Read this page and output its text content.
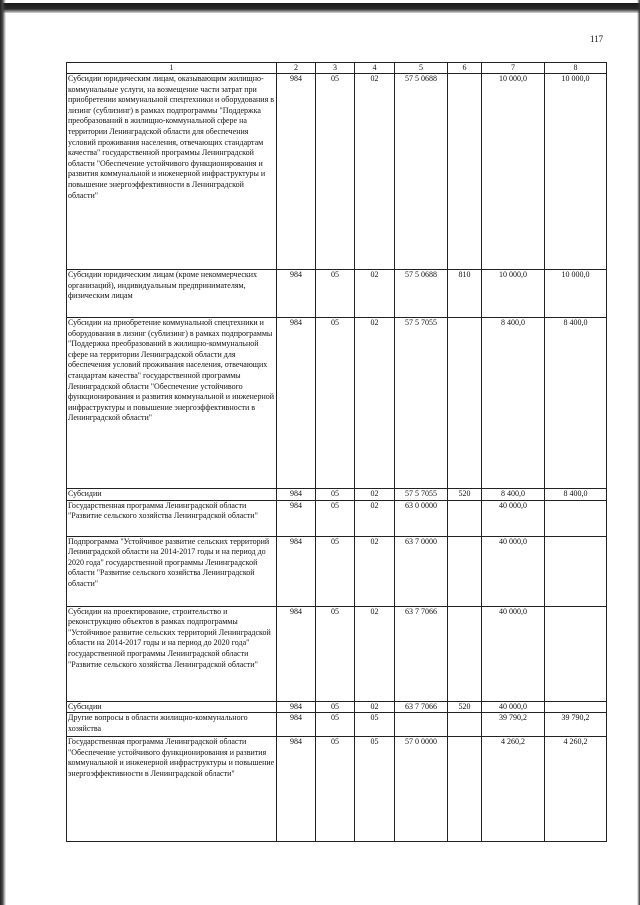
117
1	2	3	4	5	6	7	8
Субсидии юридическим лицам, оказывающим жилищно-коммунальные услуги, на возмещение части затрат при приобретении коммунальной спецтехники и оборудования в лизинг (сублизинг) в рамках подпрограммы "Поддержка преобразований в жилищно-коммунальной сфере на территории Ленинградской области для обеспечения условий проживания населения, отвечающих стандартам качества" государственной программы Ленинградской области "Обеспечение устойчивого функционирования и развития коммунальной и инженерной инфраструктуры и повышение энергоэффективности в Ленинградской области"	984	05	02	57 5 0688		10 000,0	10 000,0
Субсидии юридическим лицам (кроме некоммерческих организаций), индивидуальным предпринимателям, физическим лицам	984	05	02	57 5 0688	810	10 000,0	10 000,0
Субсидии на приобретение коммунальной спецтехники и оборудования в лизинг (сублизинг) в рамках подпрограммы "Поддержка преобразований в жилищно-коммунальной сфере на территории Ленинградской области для обеспечения условий проживания населения, отвечающих стандартам качества" государственной программы Ленинградской области "Обеспечение устойчивого функционирования и развития коммунальной и инженерной инфраструктуры и повышение энергоэффективности в Ленинградской области"	984	05	02	57 5 7055		8 400,0	8 400,0
Субсидии	984	05	02	57 5 7055	520	8 400,0	8 400,0
Государственная программа Ленинградской области "Развитие сельского хозяйства Ленинградской области"	984	05	02	63 0 0000		40 000,0	
Подпрограмма "Устойчивое развитие сельских территорий Ленинградской области на 2014-2017 годы и на период до 2020 года" государственной программы Ленинградской области "Развитие сельского хозяйства Ленинградской области"	984	05	02	63 7 0000		40 000,0	
Субсидии на проектирование, строительство и реконструкцию объектов в рамках подпрограммы "Устойчивое развитие сельских территорий Ленинградской области на 2014-2017 годы и на период до 2020 года" государственной программы Ленинградской области "Развитие сельского хозяйства Ленинградской области"	984	05	02	63 7 7066		40 000,0	
Субсидии	984	05	02	63 7 7066	520	40 000,0	
Другие вопросы в области жилищно-коммунального хозяйства	984	05	05			39 790,2	39 790,2
Государственная программа Ленинградской области "Обеспечение устойчивого функционирования и развития коммунальной и инженерной инфраструктуры и повышение энергоэффективности в Ленинградской области"	984	05	05	57 0 0000		4 260,2	4 260,2
